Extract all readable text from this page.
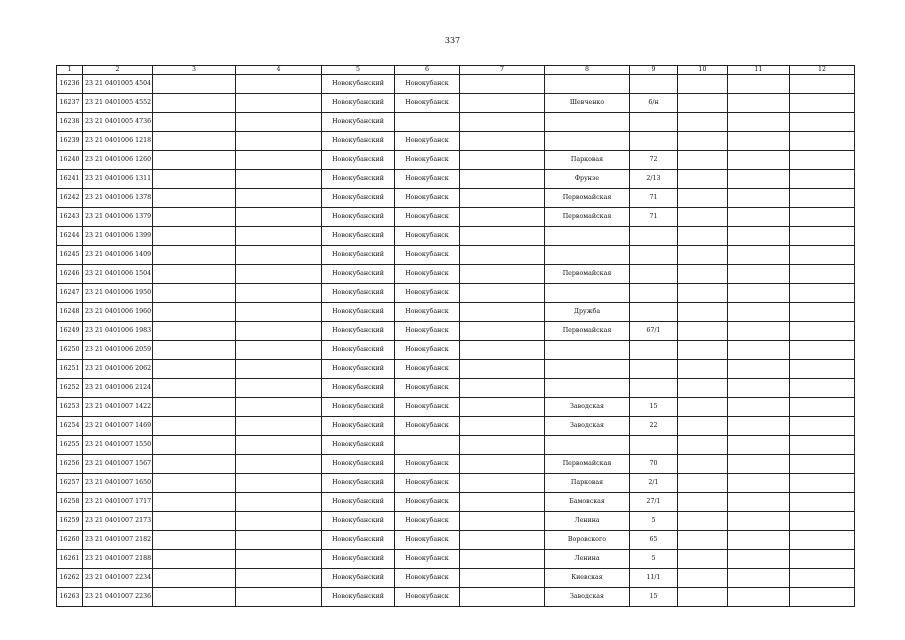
337
1	2	3	4	5	6	7	8	9	10	11	12
16236	23 21 0401005 4504			Новокубанский	Новокубанск						
16237	23 21 0401005 4552			Новокубанский	Новокубанск		Шевченко	6/н			
16238	23 21 0401005 4736			Новокубанский							
16239	23 21 0401006 1218			Новокубанский	Новокубанск						
16240	23 21 0401006 1260			Новокубанский	Новокубанск		Парковая	72			
16241	23 21 0401006 1311			Новокубанский	Новокубанск		Фрунзе	2/13			
16242	23 21 0401006 1378			Новокубанский	Новокубанск		Первомайская	71			
16243	23 21 0401006 1379			Новокубанский	Новокубанск		Первомайская	71			
16244	23 21 0401006 1399			Новокубанский	Новокубанск						
16245	23 21 0401006 1409			Новокубанский	Новокубанск						
16246	23 21 0401006 1504			Новокубанский	Новокубанск		Первомайская				
16247	23 21 0401006 1950			Новокубанский	Новокубанск						
16248	23 21 0401006 1960			Новокубанский	Новокубанск		Дружба				
16249	23 21 0401006 1983			Новокубанский	Новокубанск		Первомайская	67/1			
16250	23 21 0401006 2059			Новокубанский	Новокубанск						
16251	23 21 0401006 2062			Новокубанский	Новокубанск						
16252	23 21 0401006 2124			Новокубанский	Новокубанск						
16253	23 21 0401007 1422			Новокубанский	Новокубанск		Заводская	15			
16254	23 21 0401007 1469			Новокубанский	Новокубанск		Заводская	22			
16255	23 21 0401007 1550			Новокубанский							
16256	23 21 0401007 1567			Новокубанский	Новокубанск		Первомайская	70			
16257	23 21 0401007 1650			Новокубанский	Новокубанск		Парковая	2/1			
16258	23 21 0401007 1717			Новокубанский	Новокубанск		Бамовская	27/1			
16259	23 21 0401007 2173			Новокубанский	Новокубанск		Ленина	5			
16260	23 21 0401007 2182			Новокубанский	Новокубанск		Воровского	65			
16261	23 21 0401007 2188			Новокубанский	Новокубанск		Ленина	5			
16262	23 21 0401007 2234			Новокубанский	Новокубанск		Киевская	11/1			
16263	23 21 0401007 2236			Новокубанский	Новокубанск		Заводская	15			
